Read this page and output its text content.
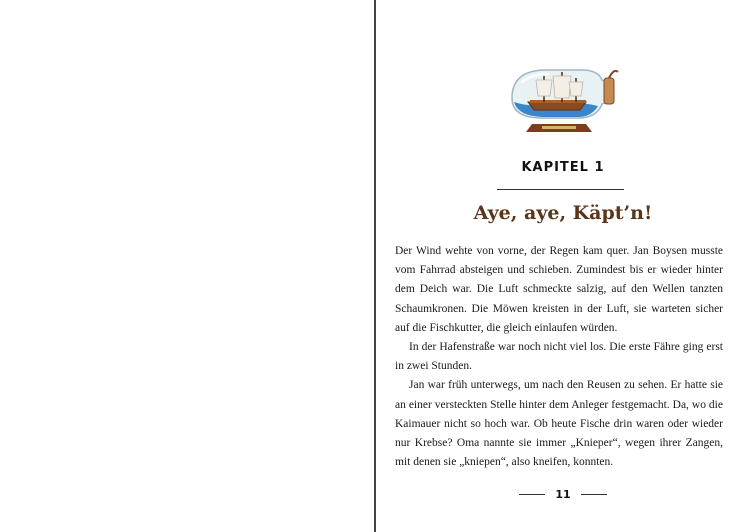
KAPITEL 1
Aye, aye, Käpt’n!

Der Wind wehte von vorne, der Regen kam quer. Jan Boysen musste vom Fahrrad absteigen und schieben. Zumindest bis er wieder hinter dem Deich war. Die Luft schmeckte salzig, auf den Wellen tanzten Schaumkronen. Die Möwen kreisten in der Luft, sie warteten sicher auf die Fischkutter, die gleich einlaufen würden.

In der Hafenstraße war noch nicht viel los. Die erste Fähre ging erst in zwei Stunden.

Jan war früh unterwegs, um nach den Reusen zu sehen. Er hatte sie an einer versteckten Stelle hinter dem Anleger festgemacht. Da, wo die Kaimauer nicht so hoch war. Ob heute Fische drin waren oder wieder nur Krebse? Oma nannte sie immer „Knieper“, wegen ihrer Zangen, mit denen sie „kniepen“, also kneifen, konnten.

11
